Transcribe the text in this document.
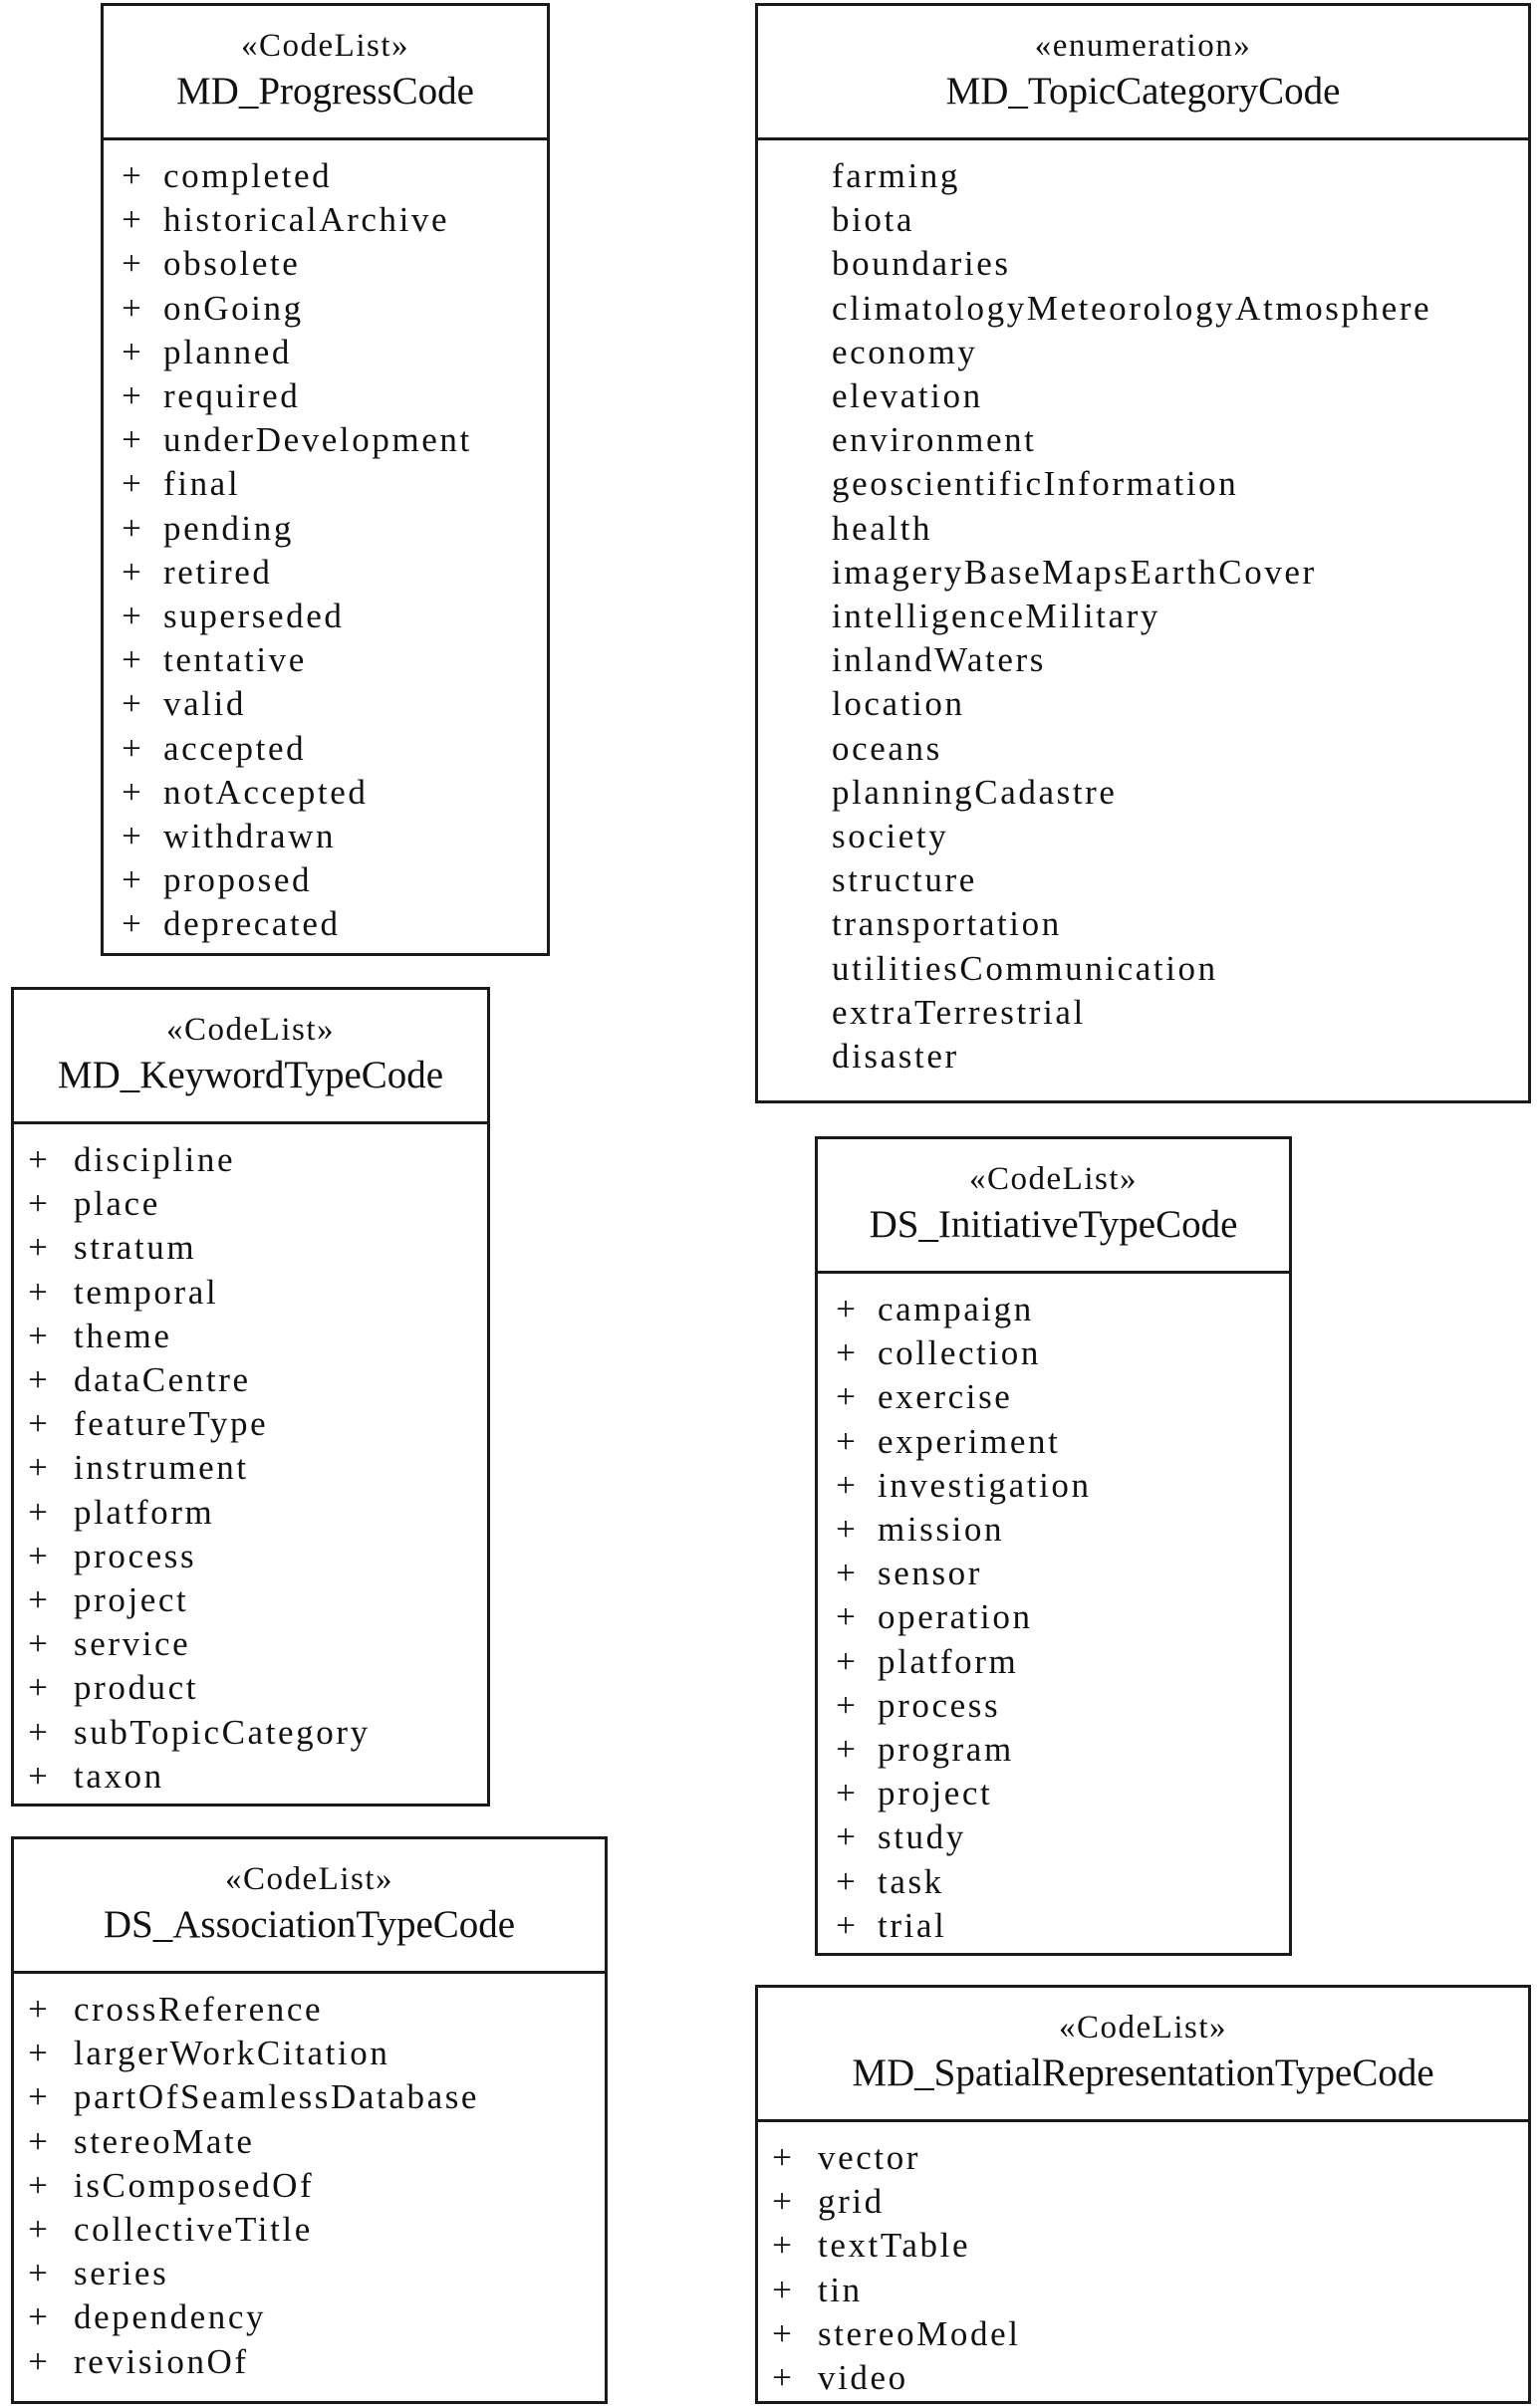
«CodeList»
MD_ProgressCode
+ completed
+ historicalArchive
+ obsolete
+ onGoing
+ planned
+ required
+ underDevelopment
+ final
+ pending
+ retired
+ superseded
+ tentative
+ valid
+ accepted
+ notAccepted
+ withdrawn
+ proposed
+ deprecated
«enumeration»
MD_TopicCategoryCode
farming
biota
boundaries
climatologyMeteorologyAtmosphere
economy
elevation
environment
geoscientificInformation
health
imageryBaseMapsEarthCover
intelligenceMilitary
inlandWaters
location
oceans
planningCadastre
society
structure
transportation
utilitiesCommunication
extraTerrestrial
disaster
«CodeList»
MD_KeywordTypeCode
+ discipline
+ place
+ stratum
+ temporal
+ theme
+ dataCentre
+ featureType
+ instrument
+ platform
+ process
+ project
+ service
+ product
+ subTopicCategory
+ taxon
«CodeList»
DS_InitiativeTypeCode
+ campaign
+ collection
+ exercise
+ experiment
+ investigation
+ mission
+ sensor
+ operation
+ platform
+ process
+ program
+ project
+ study
+ task
+ trial
«CodeList»
DS_AssociationTypeCode
+ crossReference
+ largerWorkCitation
+ partOfSeamlessDatabase
+ stereoMate
+ isComposedOf
+ collectiveTitle
+ series
+ dependency
+ revisionOf
«CodeList»
MD_SpatialRepresentationTypeCode
+ vector
+ grid
+ textTable
+ tin
+ stereoModel
+ video
